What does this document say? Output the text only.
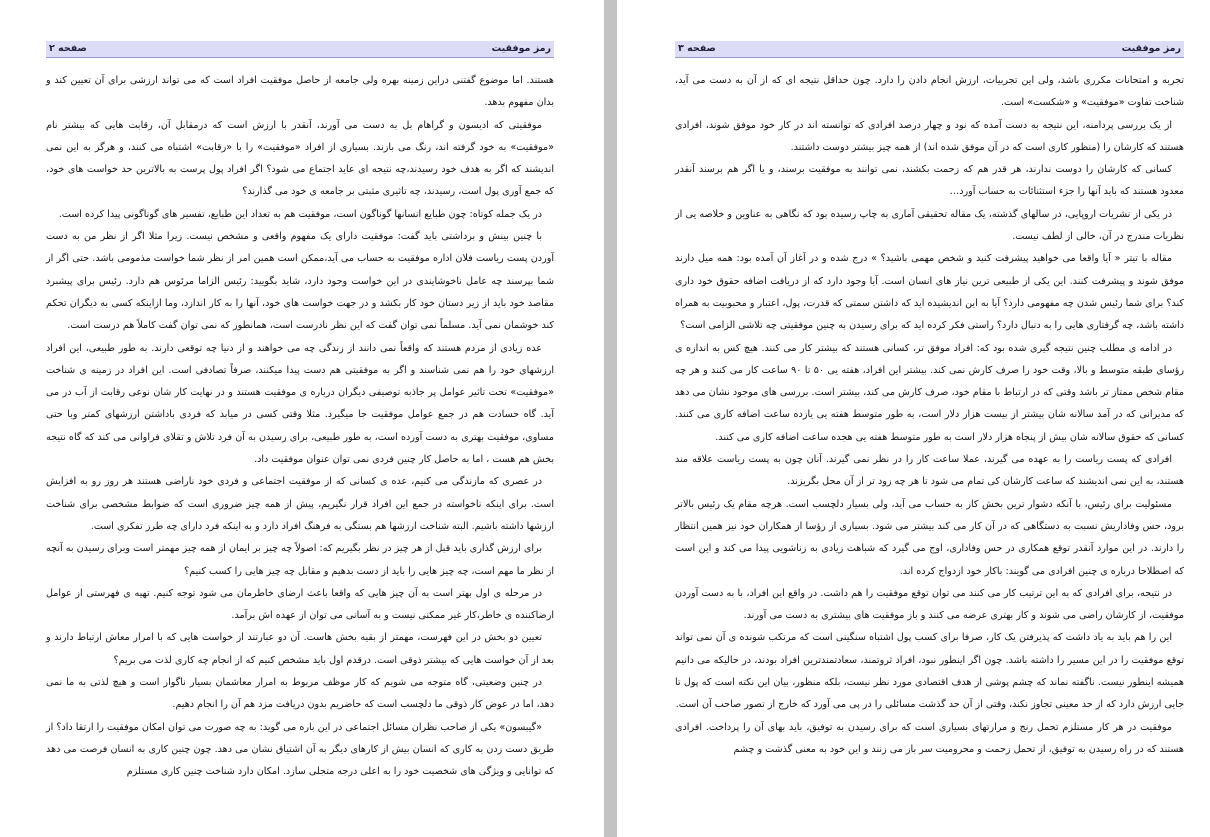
رمز موفقیت
صفحه ۳

تجربه و امتحانات مکرری باشد، ولی این تجربیات، ارزش انجام دادن را دارد. چون حداقل نتیجه ای که از آن به دست می آید، شناخت تفاوت «موفقیت» و «شکست» است.

از یک بررسی پردامنه، این نتیجه به دست آمده که نود و چهار درصد افرادی که توانسته اند در کار خود موفق شوند، افرادی هستند که کارشان را (منظور کاری است که در آن موفق شده اند) از همه چیز بیشتر دوست داشتند.

کسانی که کارشان را دوست ندارند، هر قدر هم که زحمت بکشند، نمی توانند به موفقیت برسند، و یا اگر هم برسند آنقدر معدود هستند که باید آنها را جزء استثنائات به حساب آورد…

در یکی از نشریات اروپایی، در سالهای گذشته، یک مقاله تحقیقی آماری به چاپ رسیده بود که نگاهی به عناوین و خلاصه یی از نظریات مندرج در آن، خالی از لطف نیست.

مقاله با تیتر « آیا واقعا می خواهید پیشرفت کنید و شخص مهمی باشید؟ » درج شده و در آغاز آن آمده بود: همه میل دارند موفق شوند و پیشرفت کنند. این یکی از طبیعی ترین نیاز های انسان است. آیا وجود دارد که از دریافت اضافه حقوق خود داری کند؟ برای شما رئیس شدن چه مفهومی دارد؟ آیا به این اندیشیده اید که داشتن سمتی که قدرت، پول، اعتبار و محبوبیت به همراه داشته باشد، چه گرفتاری هایی را به دنبال دارد؟ راستی فکر کرده اید که برای رسیدن به چنین موفقیتی چه تلاشی الزامی است؟

در ادامه ی مطلب چنین نتیجه گیری شده بود که: افراد موفق تر، کسانی هستند که بیشتر کار می کنند. هیچ کس به اندازه ی رؤسای طبقه متوسط و بالا، وقت خود را صرف کارش نمی کند. بیشتر این افراد، هفته یی ۵۰ تا ۹۰ ساعت کار می کنند و هر چه مقام شخص ممتاز تر باشد وقتی که در ارتباط با مقام خود، صرف کارش می کند، بیشتر است. بررسی های موجود نشان می دهد که مدیرانی که در آمد سالانه شان بیشتر از بیست هزار دلار است، به طور متوسط هفته یی یازده ساعت اضافه کاری می کنند. کسانی که حقوق سالانه شان بیش از پنجاه هزار دلار است به طور متوسط هفته یی هجده ساعت اضافه کاری می کنند.

افرادی که پست ریاست را به عهده می گیرند، عملا ساعت کار را در نظر نمی گیرند. آنان چون به پست ریاست علاقه مند هستند، به این نمی اندیشند که ساعت کارشان کی تمام می شود تا هر چه زود تر از آن محل بگریزند.

مسئولیت برای رئیس، با آنکه دشوار ترین بخش کار به حساب می آید، ولی بسیار دلچسب است. هرچه مقام یک رئیس بالاتر برود، حس وفاداریش نسبت به دستگاهی که در آن کار می کند بیشتر می شود. بسیاری از رؤسا از همکاران خود نیز همین انتظار را دارند. در این موارد آنقدر توقع همکاری در حس وفاداری، اوج می گیرد که شباهت زیادی به زناشویی پیدا می کند و این است که اصطلاحا درباره ی چنین افرادی می گویند: باکار خود ازدواج کرده اند.

در نتیجه، برای افرادی که به این ترتیب کار می کنند می توان توقع موفقیت را هم داشت. در واقع این افراد، با به دست آوردن موفقیت، از کارشان راضی می شوند و کار بهتری عرضه می کنند و باز موفقیت های بیشتری به دست می آورند.

این را هم باید به یاد داشت که پذیرفتن یک کار، صرفا برای کسب پول اشتباه سنگینی است که مرتکب شونده ی آن نمی تواند توقع موفقیت را در این مسیر را داشته باشد. چون اگر اینطور نبود، افراد ثروتمند، سعادتمندترین افراد بودند، در حالیکه می دانیم همیشه اینطور نیست. ناگفته نماند که چشم پوشی از هدف اقتصادی مورد نظر نیست، بلکه منظور، بیان این نکته است که پول تا جایی ارزش دارد که از حد معینی تجاوز نکند، وقتی از آن حد گذشت مسائلی را در پی می آورد که خارج از تصور صاحب آن است.

موفقیت در هر کار مستلزم تحمل رنج و مرارتهای بسیاری است که برای رسیدن به توفیق، باید بهای آن را پرداخت. افرادی هستند که در راه رسیدن به توفیق، از تحمل زحمت و محرومیت سر باز می زنند و این خود به معنی گذشت و چشم

رمز موفقیت
صفحه ۲

هستند. اما موضوع گفتنی دراین زمینه بهره ولی جامعه از حاصل موفقیت افراد است که می تواند ارزشی برای آن تعیین کند و بدان مفهوم بدهد.

موفقیتی که ادیسون و گراهام بل به دست می آورند، آنقدر با ارزش است که درمقابل آن، رقابت هایی که بیشتر نام «موفقیت» به خود گرفته اند، رنگ می بازند. بسیاری از افراد «موفقیت» را با «رقابت» اشتباه می کنند، و هرگز به این نمی اندیشند که اگر به هدف خود رسیدند،چه نتیجه ای عاید اجتماع می شود؟ اگر افراد پول پرست به بالاترین حد خواست های خود، که جمع آوری پول است، رسیدند، چه تاثیری مثبتی بر جامعه ی خود می گذارند؟

در یک جمله کوتاه: چون طبایع انسانها گوناگون است، موفقیت هم به تعداد این طبایع، تفسیر های گوناگونی پیدا کرده است.

با چنین بینش و برداشتی باید گفت: موفقیت دارای یک مفهوم واقعی و مشخص نیست. زیرا مثلا اگر از نظر من به دست آوردن پست ریاست فلان اداره موفقیت به حساب می آید،ممکن است همین امر از نظر شما خواست مذمومی باشد. حتی اگر از شما بپرسند چه عامل ناخوشایندی در این خواست وجود دارد، شاید بگویید: رئیس الزاما مرئوس هم دارد. رئیس برای پیشبرد مقاصد خود باید از زیر دستان خود کار بکشد و در جهت خواست های خود، آنها را به کار اندازد، وما ازاینکه کسی به دیگران تحکم کند خوشمان نمی آید. مسلماً نمی توان گفت که این نظر نادرست است، همانطور که نمی توان گفت کاملاً هم درست است.

عده زیادی از مردم هستند که واقعاً نمی دانند از زندگی چه می خواهند و از دنیا چه توقعی دارند. به طور طبیعی، این افراد ارزشهای خود را هم نمی شناسند و اگر به موفقیتی هم دست پیدا میکنند، صرفاً تصادفی است. این افراد در زمینه ی شناخت «موفقیت» تحت تاثیر عوامل پر جاذبه توصیفی دیگران درباره ی موفقیت هستند و در نهایت کار شان نوعی رقابت از آب در می آید. گاه حسادت هم در جمع عوامل موفقیت جا میگیرد. مثلا وقتی کسی در میابد که فردی باداشتن ارزشهای کمتر وبا حتی مساوی، موفقیت بهتری به دست آورده است، به طور طبیعی، برای رسیدن به آن فرد تلاش و تقلای فراوانی می کند که گاه نتیجه بخش هم هست ، اما به حاصل کار چنین فردی نمی توان عنوان موفقیت داد.

در عصری که مازندگی می کنیم، عده ی کسانی که از موفقیت اجتماعی و فردی خود ناراضی هستند هر روز رو به افزایش است. برای اینکه ناخواسته در جمع این افراد قرار نگیریم، پیش از همه چیز ضروری است که ضوابط مشخصی برای شناخت ارزشها داشته باشیم. البته شناخت ارزشها هم بستگی به فرهنگ افراد دارد و به اینکه فرد دارای چه طرز تفکری است.

برای ارزش گذاری باید قبل از هر چیز در نظر بگیریم که: اصولاً چه چیز بر ایمان از همه چیز مهمتر است وبرای رسیدن به آنچه از نظر ما مهم است، چه چیز هایی را باید از دست بدهیم و مقابل چه چیز هایی را کسب کنیم؟

در مرحله ی اول بهتر است به آن چیز هایی که واقعا باعث ارضای خاطرمان می شود توجه کنیم. تهیه ی فهرستی از عوامل ارضاکننده ی خاطر،کار غیر ممکنی نیست و به آسانی می توان از عهده اش برآمد.

تعیین دو بخش در این فهرست، مهمتر از بقیه بخش هاست. آن دو عبارتند از خواست هایی که با امرار معاش ارتباط دارند و بعد از آن خواست هایی که بیشتر ذوقی است. درقدم اول باید مشخص کنیم که از انجام چه کاری لذت می بریم؟

در چنین وضعیتی، گاه متوجه می شویم که کار موظف مربوط به امرار معاشمان بسیار ناگوار است و هیچ لذتی به ما نمی دهد، اما در عوض کار ذوقی ما دلچسب است که حاضریم بدون دریافت مزد هم آن را انجام دهیم.

«گیبسون» یکی از صاحب نظران مسائل اجتماعی در این باره می گوید: به چه صورت می توان امکان موفقیت را ارتقا داد؟ از طریق دست زدن به کاری که انسان بیش از کارهای دیگر به آن اشتیاق نشان می دهد. چون چنین کاری به انسان فرصت می دهد که توانایی و ویژگی های شخصیت خود را به اعلی درجه متجلی سازد. امکان دارد شناخت چنین کاری مستلزم
